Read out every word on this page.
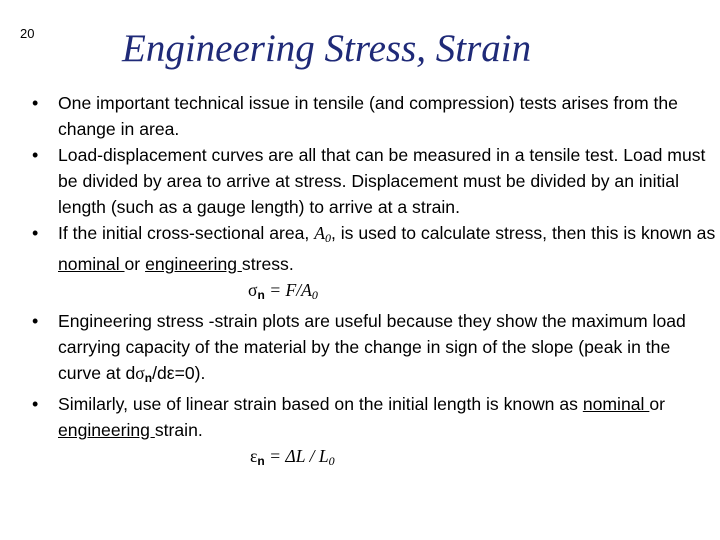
20 Engineering Stress, Strain
• One important technical issue in tensile (and compression) tests arises from the change in area.
• Load-displacement curves are all that can be measured in a tensile test. Load must be divided by area to arrive at stress. Displacement must be divided by an initial length (such as a gauge length) to arrive at a strain.
• If the initial cross-sectional area, A0, is used to calculate stress, then this is known as nominal or engineering stress.
$\sigma_n = F/A0$
• Engineering stress -strain plots are useful because they show the maximum load carrying capacity of the material by the change in sign of the slope (peak in the curve at $d\sigma_n/d\varepsilon=0$).
• Similarly, use of linear strain based on the initial length is known as nominal or engineering strain.
$\varepsilon_n = \Delta L / L0$
